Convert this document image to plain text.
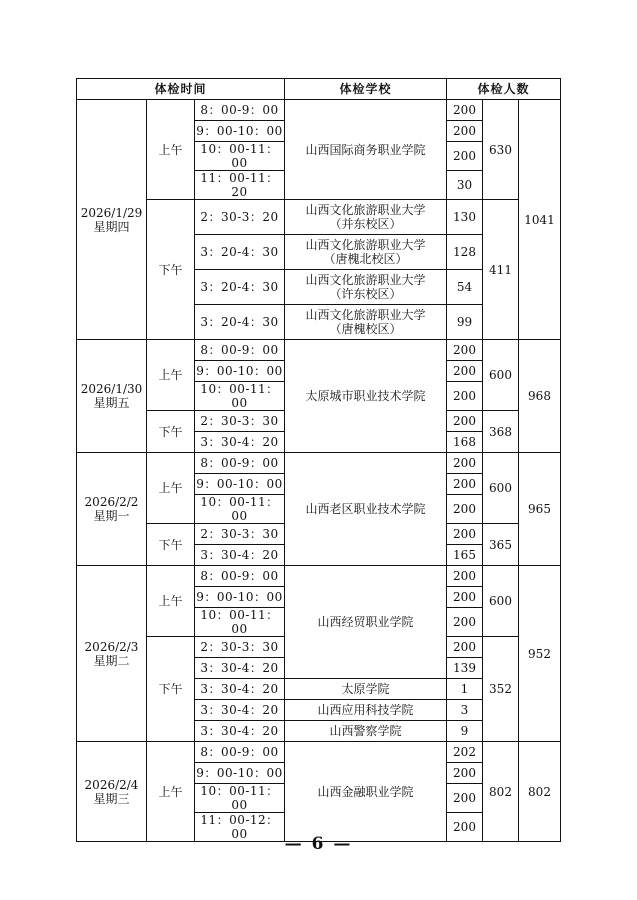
体检时间			体检学校	体检人数		
2026/1/29
星期四	上午	8：00-9：00	山西国际商务职业学院	200	630	1041
		9：00-10：00		200		
		10：00-11：00		200		
		11：00-11：20		30		
	下午	2：30-3：20	山西文化旅游职业大学
（并东校区）	130	411	
		3：20-4：30	山西文化旅游职业大学
（唐槐北校区）	128		
		3：20-4：30	山西文化旅游职业大学
（许东校区）	54		
		3：20-4：30	山西文化旅游职业大学
（唐槐校区）	99		
2026/1/30
星期五	上午	8：00-9：00	太原城市职业技术学院	200	600	968
		9：00-10：00		200		
		10：00-11：00		200		
	下午	2：30-3：30		200	368	
		3：30-4：20		168		
2026/2/2
星期一	上午	8：00-9：00	山西老区职业技术学院	200	600	965
		9：00-10：00		200		
		10：00-11：00		200		
	下午	2：30-3：30		200	365	
		3：30-4：20		165		
2026/2/3
星期二	上午	8：00-9：00	山西经贸职业学院	200	600	952
		9：00-10：00		200		
		10：00-11：00		200		
	下午	2：30-3：30		200	352	
		3：30-4：20		139		
		3：30-4：20	太原学院	1		
		3：30-4：20	山西应用科技学院	3		
		3：30-4：20	山西警察学院	9		
2026/2/4
星期三	上午	8：00-9：00	山西金融职业学院	202	802	802
		9：00-10：00		200		
		10：00-11：00		200		
		11：00-12：00		200		
— 6 —
